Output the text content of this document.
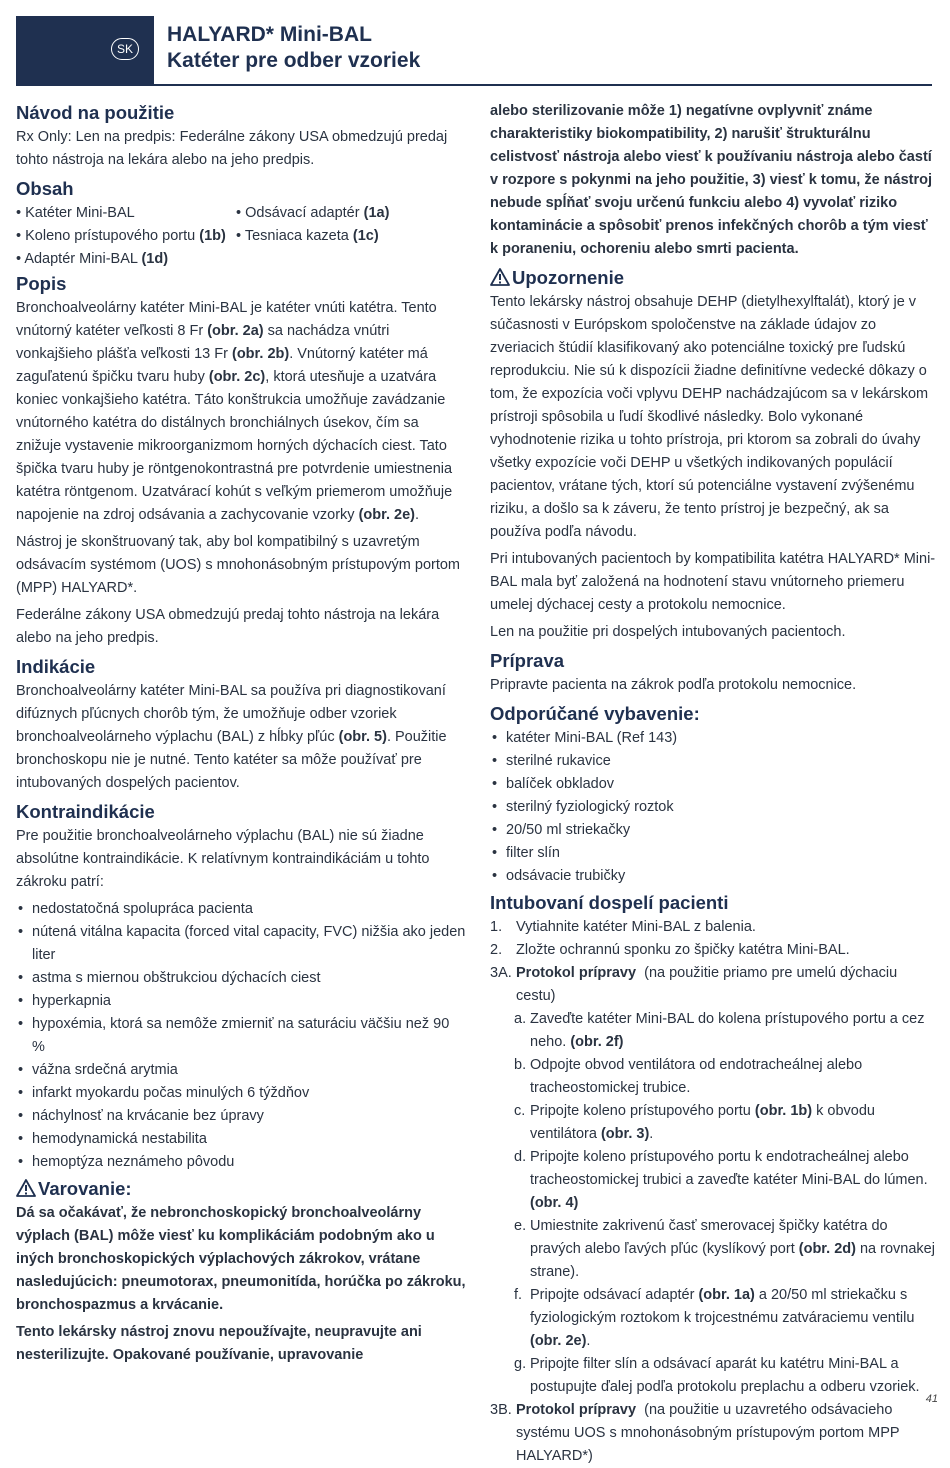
SK
HALYARD* Mini-BAL
Katéter pre odber vzoriek
Návod na použitie

Rx Only: Len na predpis: Federálne zákony USA obmedzujú predaj tohto nástroja na lekára alebo na jeho predpis.

Obsah
• Katéter Mini-BAL	• Odsávací adaptér (1a)
• Koleno prístupového portu (1b) • Tesniaca kazeta (1c)
• Adaptér Mini-BAL (1d)
Popis

Bronchoalveolárny katéter Mini-BAL je katéter vnúti katétra. Tento vnútorný katéter veľkosti 8 Fr (obr. 2a) sa nachádza vnútri vonkajšieho plášťa veľkosti 13 Fr (obr. 2b). Vnútorný katéter má zaguľatenú špičku tvaru huby (obr. 2c), ktorá utesňuje a uzatvára koniec vonkajšieho katétra. Táto konštrukcia umožňuje zavádzanie vnútorného katétra do distálnych bronchiálnych úsekov, čím sa znižuje vystavenie mikroorganizmom horných dýchacích ciest. Tato špička tvaru huby je röntgenokontrastná pre potvrdenie umiestnenia katétra röntgenom. Uzatvárací kohút s veľkým priemerom umožňuje napojenie na zdroj odsávania a zachycovanie vzorky (obr. 2e).

Nástroj je skonštruovaný tak, aby bol kompatibilný s uzavretým odsávacím systémom (UOS) s mnohonásobným prístupovým portom (MPP) HALYARD*.

Federálne zákony USA obmedzujú predaj tohto nástroja na lekára alebo na jeho predpis.

Indikácie

Bronchoalveolárny katéter Mini-BAL sa používa pri diagnostikovaní difúznych pľúcnych chorôb tým, že umožňuje odber vzoriek bronchoalveolárneho výplachu (BAL) z hĺbky pľúc (obr. 5). Použitie bronchoskopu nie je nutné. Tento katéter sa môže používať pre intubovaných dospelých pacientov.

Kontraindikácie

Pre použitie bronchoalveolárneho výplachu (BAL) nie sú žiadne absolútne kontraindikácie. K relatívnym kontraindikáciám u tohto zákroku patrí:

• nedostatočná spolupráca pacienta
• nútená vitálna kapacita (forced vital capacity, FVC) nižšia ako jeden liter
• astma s miernou obštrukciou dýchacích ciest
• hyperkapnia
• hypoxémia, ktorá sa nemôže zmierniť na saturáciu väčšiu než 90 %
• vážna srdečná arytmia
• infarkt myokardu počas minulých 6 týždňov
• náchylnosť na krvácanie bez úpravy
• hemodynamická nestabilita
• hemoptýza neznámeho pôvodu
Varovanie:

Dá sa očakávať, že nebronchoskopický bronchoalveolárny výplach (BAL) môže viesť ku komplikáciám podobným ako u iných bronchoskopických výplachových zákrokov, vrátane nasledujúcich: pneumotorax, pneumonitída, horúčka po zákroku, bronchospazmus a krvácanie.

Tento lekársky nástroj znovu nepoužívajte, neupravujte ani nesterilizujte. Opakované používanie, upravovanie

alebo sterilizovanie môže 1) negatívne ovplyvniť známe charakteristiky biokompatibility, 2) narušiť štrukturálnu celistvosť nástroja alebo viesť k používaniu nástroja alebo častí v rozpore s pokynmi na jeho použitie, 3) viesť k tomu, že nástroj nebude spĺňať svoju určenú funkciu alebo 4) vyvolať riziko kontaminácie a spôsobiť prenos infekčných chorôb a tým viesť k poraneniu, ochoreniu alebo smrti pacienta.

Upozornenie

Tento lekársky nástroj obsahuje DEHP (dietylhexylftalát), ktorý je v súčasnosti v Európskom spoločenstve na základe údajov zo zveriacich štúdií klasifikovaný ako potenciálne toxický pre ľudskú reprodukciu. Nie sú k dispozícii žiadne definitívne vedecké dôkazy o tom, že expozícia voči vplyvu DEHP nachádzajúcom sa v lekárskom prístroji spôsobila u ľudí škodlivé následky. Bolo vykonané vyhodnotenie rizika u tohto prístroja, pri ktorom sa zobrali do úvahy všetky expozície voči DEHP u všetkých indikovaných populácií pacientov, vrátane tých, ktorí sú potenciálne vystavení zvýšenému riziku, a došlo sa k záveru, že tento prístroj je bezpečný, ak sa používa podľa návodu.

Pri intubovaných pacientoch by kompatibilita katétra HALYARD* Mini-BAL mala byť založená na hodnotení stavu vnútorneho priemeru umelej dýchacej cesty a protokolu nemocnice.

Len na použitie pri dospelých intubovaných pacientoch.

Príprava

Pripravte pacienta na zákrok podľa protokolu nemocnice.

Odporúčané vybavenie:
• katéter Mini-BAL (Ref 143)
• sterilné rukavice
• balíček obkladov
• sterilný fyziologický roztok
• 20/50 ml striekačky
• filter slín
• odsávacie trubičky
Intubovaní dospelí pacienti
1. Vytiahnite katéter Mini-BAL z balenia.
2. Zložte ochrannú sponku zo špičky katétra Mini-BAL.
3A. Protokol prípravy  (na použitie priamo pre umelú dýchaciu cestu)
a. Zaveďte katéter Mini-BAL do kolena prístupového portu a cez neho. (obr. 2f)
b. Odpojte obvod ventilátora od endotracheálnej alebo tracheostomickej trubice.
c. Pripojte koleno prístupového portu (obr. 1b) k obvodu ventilátora (obr. 3).
d. Pripojte koleno prístupového portu k endotracheálnej alebo tracheostomickej trubici a zaveďte katéter Mini-BAL do lúmen. (obr. 4)
e. Umiestnite zakrivenú časť smerovacej špičky katétra do pravých alebo ľavých pľúc (kyslíkový port (obr. 2d) na rovnakej strane).
f. Pripojte odsávací adaptér (obr. 1a) a 20/50 ml striekačku s fyziologickým roztokom k trojcestnému zatváraciemu ventilu (obr. 2e).
g. Pripojte filter slín a odsávací aparát ku katétru Mini-BAL a postupujte ďalej podľa protokolu preplachu a odberu vzoriek.
3B. Protokol prípravy  (na použitie u uzavretého odsávacieho systému UOS s mnohonásobným prístupovým portom MPP HALYARD*)
41
